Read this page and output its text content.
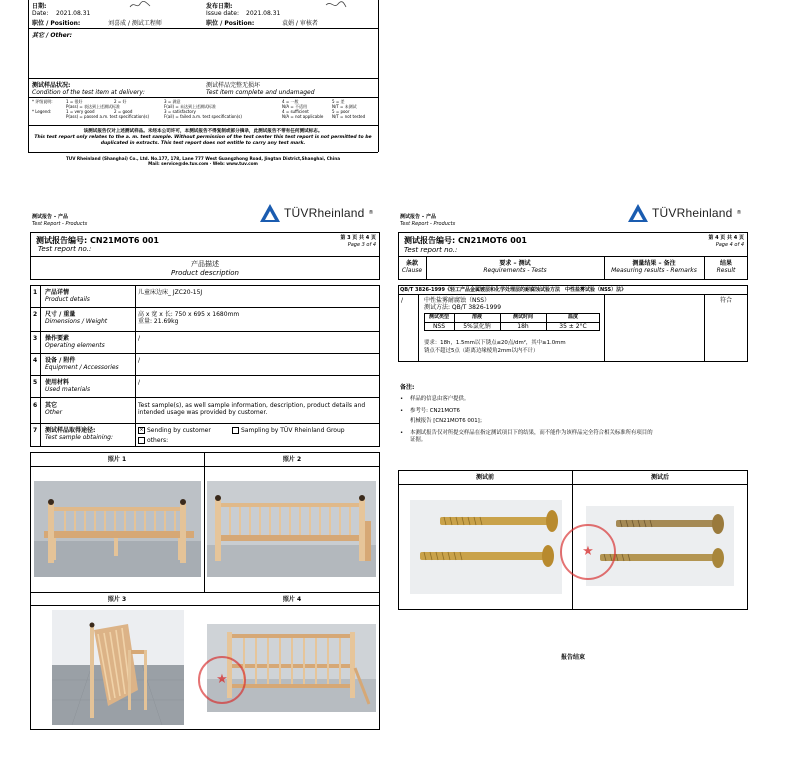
日期:
Date: 2021.08.31
职位 / Position:	刘喜成 / 测试工程师
发布日期:
Issue date: 2021.08.31
职位 / Position:	袁娟 / 审核者
其它 / Other:
测试样品状况:
Condition of the test item at delivery:
测试样品完整无损坏
Test item complete and undamaged
* 评级说明:	1 = 很好	2 = 好	3 = 满意	4 = 一般	5 = 差
P(ass) = 表达到上述测试标准	F(ail) = 未达到上述测试标准	N/A = 不适用	N/T = 未测试
* Legend:	1 = very good	2 = good	3 = satisfactory	4 = sufficient	5 = poor
P(ass) = passed a.m. test specification(s)	F(ail) = failed a.m. test specification(s)	N/A = not applicable	N/T = not tested
该测试报告仅对上述测试样品。未经本公司许可，本测试报告不得复制或部分摘录，此测试报告不带有任何测试标志。
This test report only relates to the a. m. test sample. Without permission of the test center this test report is not permitted to be
duplicated in extracts. This test report does not entitle to carry any test mark.
TUV Rheinland (Shanghai) Co., Ltd. No.177, 178, Lane 777 West Guangzhong Road, Jingtan District,Shanghai, China
Mail: service@de.tuv.com · Web: www.tuv.com
测试报告 – 产品
Test Report - Products
TÜVRheinland ®
测试报告编号: CN21MOT6 001
Test report no.:
第 3 页 共 4 页
Page 3 of 4
产品描述
Product description
1 产品详情
Product details
儿童床边床_ JZC20-15J
2 尺寸 / 重量
Dimensions / Weight
高 x 宽 x 长: 750 x 695 x 1680mm
重量: 21.69kg
3 操作要素
Operating elements
/
4 设备 / 附件
Equipment / Accessories
/
5 使用材料
Used materials
/
6 其它
Other
Test sample(s), as well sample information, description, product details and
intended usage was provided by customer.
7 测试样品取得途径:
Test sample obtaining:
× Sending by customer	Sampling by TÜV Rheinland Group
others:
照片 1	照片 2
照片 3	照片 4
★
测试报告 – 产品
Test Report - Products
TÜVRheinland ®
测试报告编号: CN21MOT6 001
Test report no.:
第 4 页 共 4 页
Page 4 of 4
条款
Clause
要求 – 测试
Requirements - Tests
测量结果 – 备注
Measuring results - Remarks
结果
Result
QB/T 3826-1999《轻工产品金属镀层和化学处理层的耐腐蚀试验方法　中性盐雾试验（NSS）法》
/	中性盐雾耐腐蚀（NSS）
测试方法: QB/T 3826-1999
测试类型	溶液	测试时间	温度
NSS	5%氯化钠	18h	35 ± 2°C
要求：18h，1.5mm以下锈点≤20点/dm²，其中≥1.0mm
锈点不超过5点（距离边缘棱角2mm以内不计）
符合
备注:
• 样品的信息由客户提供。
• 参考号: CN21MOT6
机械报告 [CN21MOT6 001]；
• 本测试报告仅对所提交样品在指定测试项目下的结果，而不能作为该样品完全符合相关标准所有项目的
证据。
测试前	测试后
★
报告结束
